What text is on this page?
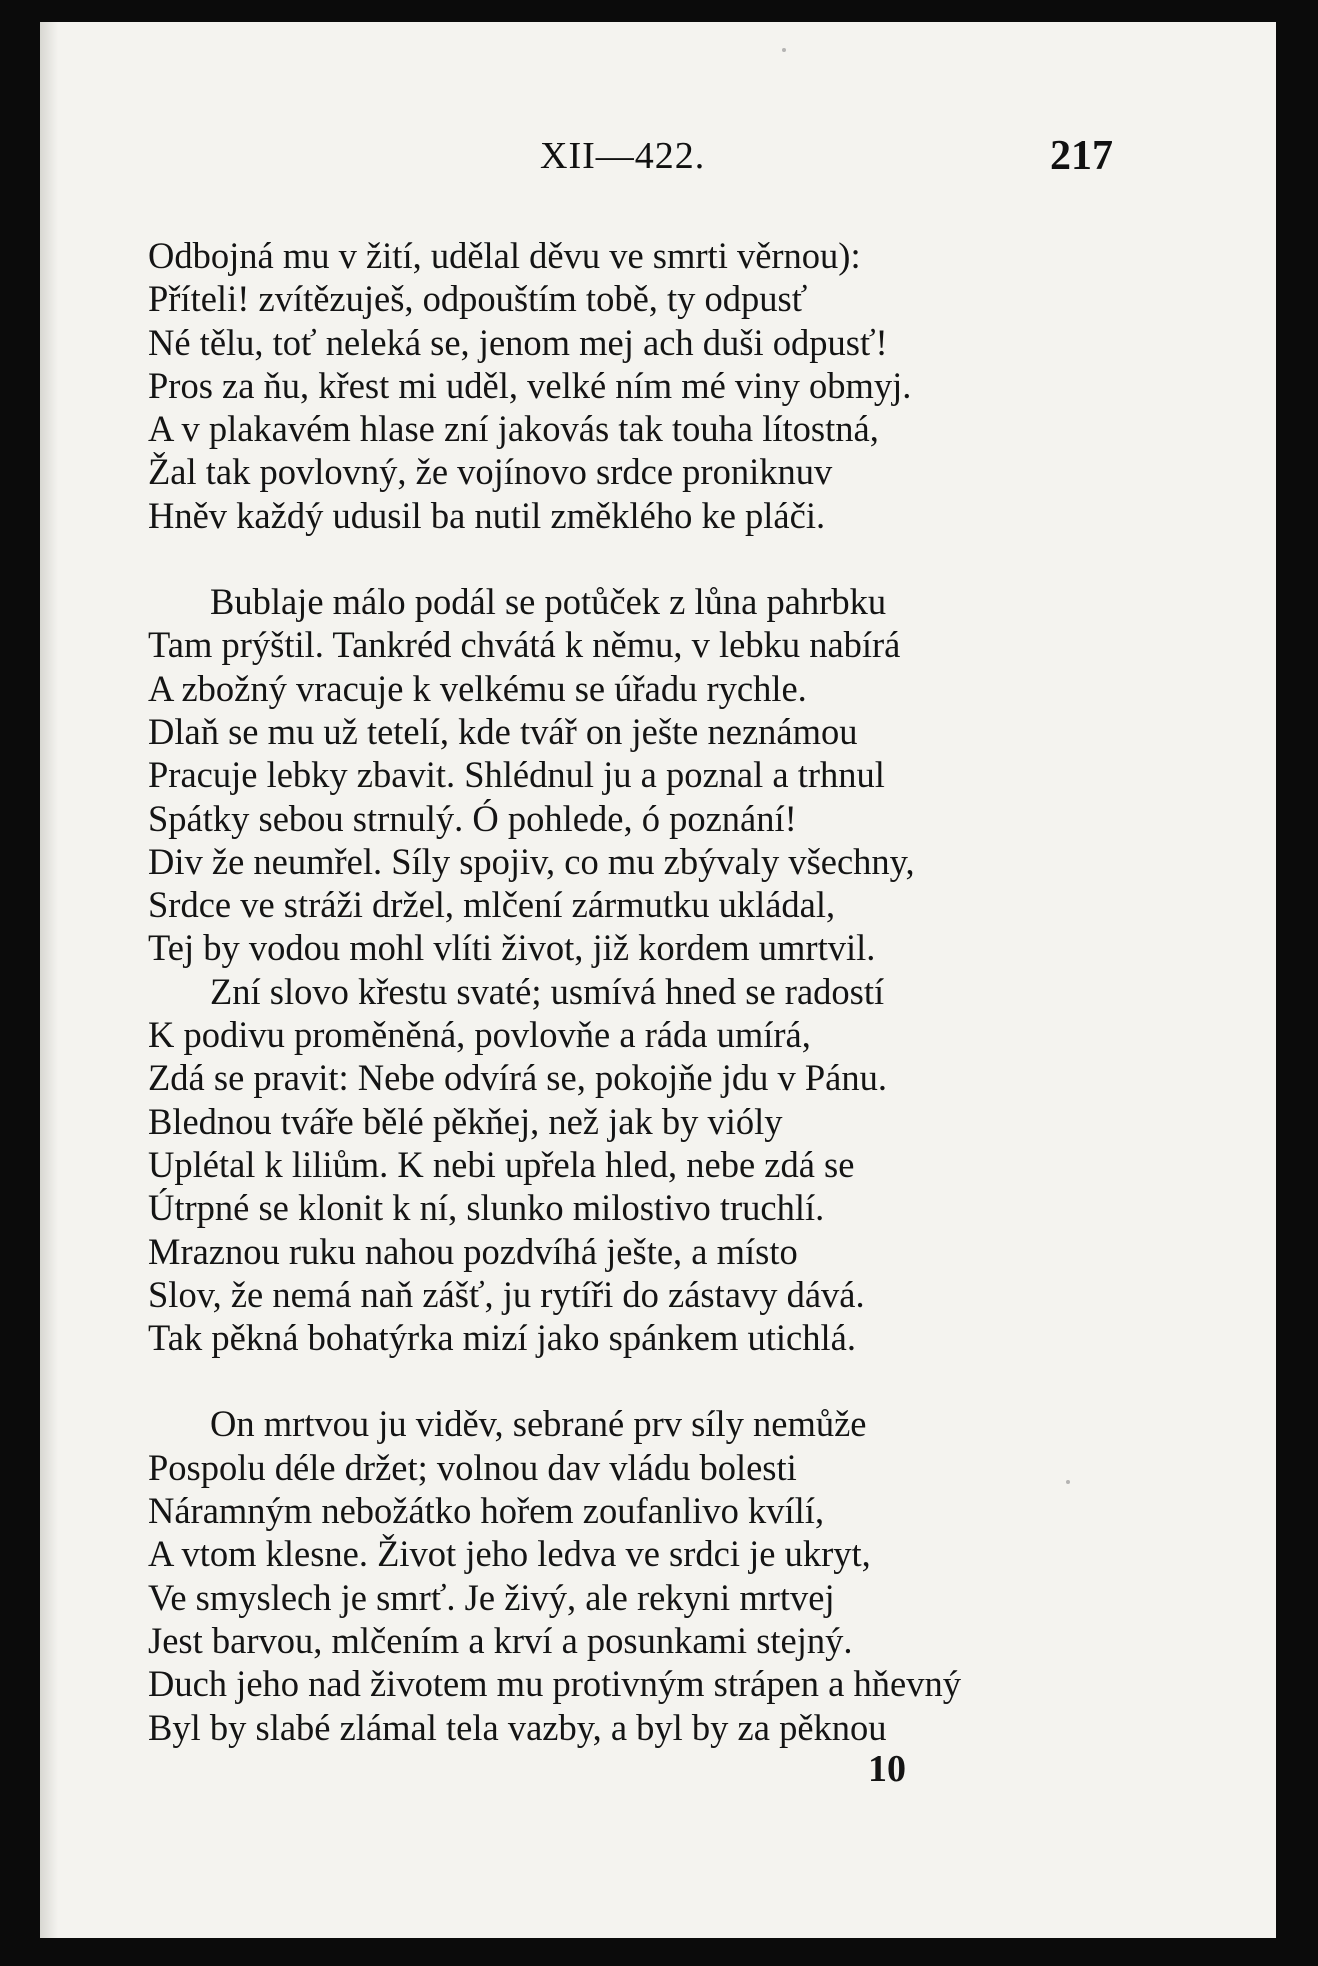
XII—422.	217
Odbojná mu v žití, udělal děvu ve smrti věrnou):
Příteli! zvítězuješ, odpouštím tobě, ty odpusť
Né tělu, toť neleká se, jenom mej ach duši odpusť!
Pros za ňu, křest mi uděl, velké ním mé viny obmyj.
A v plakavém hlase zní jakovás tak touha lítostná,
Žal tak povlovný, že vojínovo srdce proniknuv
Hněv každý udusil ba nutil změklého ke pláči.
Bublaje málo podál se potůček z lůna pahrbku
Tam prýštil. Tankréd chvátá k němu, v lebku nabírá
A zbožný vracuje k velkému se úřadu rychle.
Dlaň se mu už tetelí, kde tvář on ješte neznámou
Pracuje lebky zbavit. Shlédnul ju a poznal a trhnul
Spátky sebou strnulý. Ó pohlede, ó poznání!
Div že neumřel. Síly spojiv, co mu zbývaly všechny,
Srdce ve stráži držel, mlčení zármutku ukládal,
Tej by vodou mohl vlíti život, již kordem umrtvil.
Zní slovo křestu svaté; usmívá hned se radostí
K podivu proměněná, povlovňe a ráda umírá,
Zdá se pravit: Nebe odvírá se, pokojňe jdu v Pánu.
Blednou tváře bělé pěkňej, než jak by vióly
Uplétal k liliům. K nebi upřela hled, nebe zdá se
Útrpné se klonit k ní, slunko milostivo truchlí.
Mraznou ruku nahou pozdvíhá ješte, a místo
Slov, že nemá naň zášť, ju rytíři do zástavy dává.
Tak pěkná bohatýrka mizí jako spánkem utichlá.
On mrtvou ju viděv, sebrané prv síly nemůže
Pospolu déle držet; volnou dav vládu bolesti
Náramným nebožátko hořem zoufanlivo kvílí,
A vtom klesne. Život jeho ledva ve srdci je ukryt,
Ve smyslech je smrť. Je živý, ale rekyni mrtvej
Jest barvou, mlčením a krví a posunkami stejný.
Duch jeho nad životem mu protivným strápen a hňevný
Byl by slabé zlámal tela vazby, a byl by za pěknou
10
